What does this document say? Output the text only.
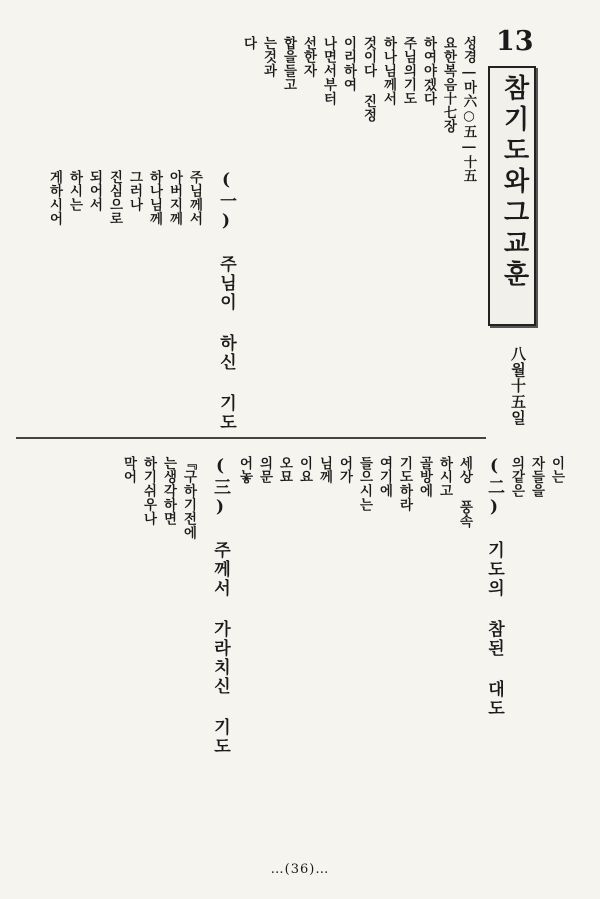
13
참기도와그교훈
八월十五일
성경―마六○五―十五
요한복음十七장
하여야겠다
주님의기도
하나님께서
것이다 진정
이리하여
나면서부터
선한자
합을들고
는것과
다
(一) 주님이 하신 기도
주님께서
아버지께
하나님께
그러나
진심으로
되어서
하시는
게하시어
이는
자들을
의같은
(二) 기도의 참된 대도
세상 풍속
하시고
골방에
기도하라
여기에
들으시는
어가
님께
이요
오묘
의문
어놓
(三) 주께서 가라치신 기도
『구하기전에
는생각하면
하기쉬우나
막어
…(36)…
